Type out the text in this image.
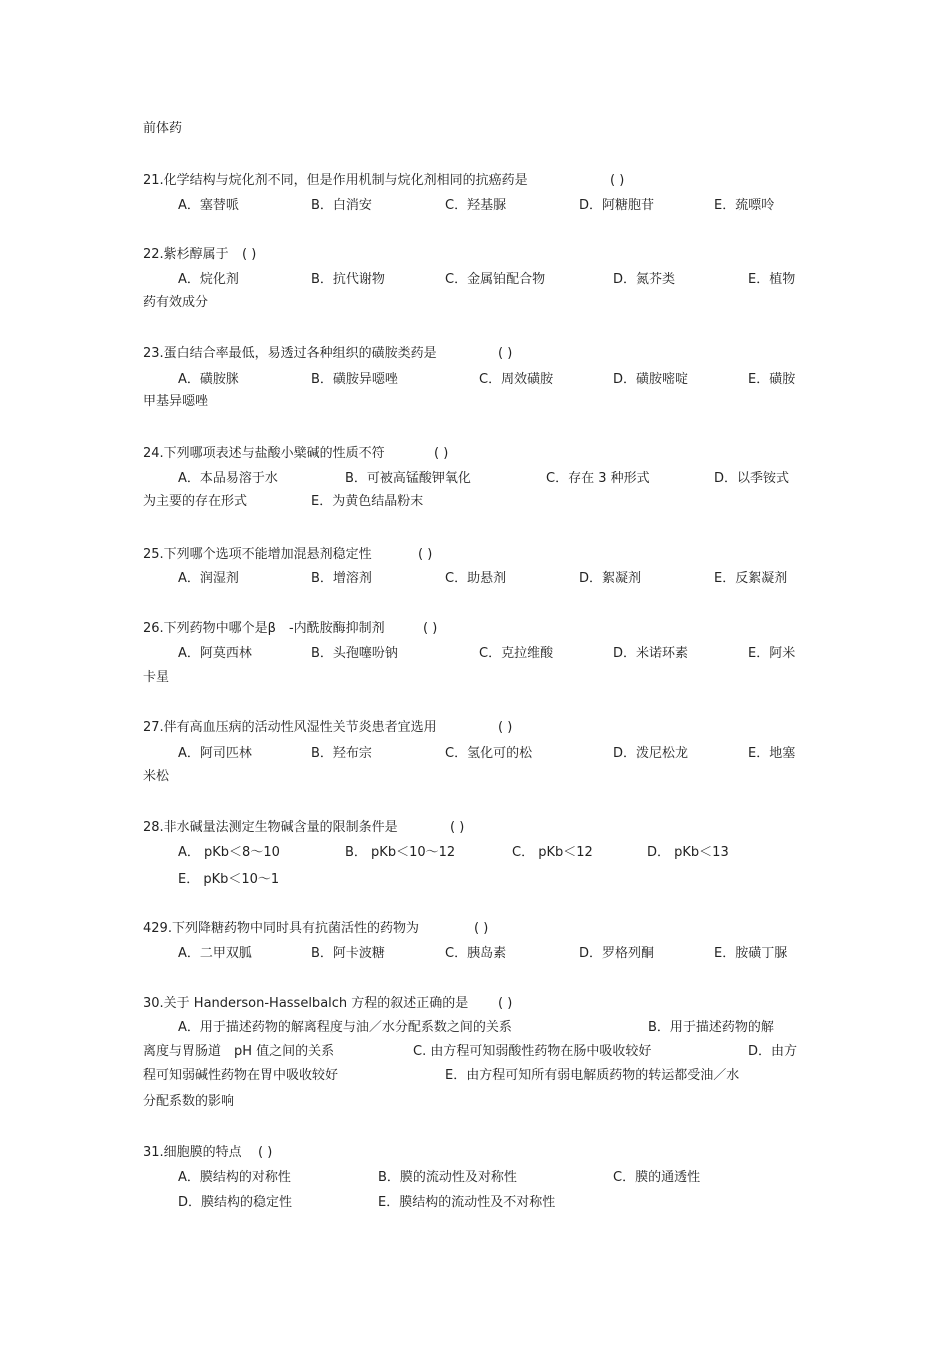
前体药
21.化学结构与烷化剂不同，但是作用机制与烷化剂相同的抗癌药是	( )
A．塞替哌	B．白消安	C．羟基脲	D．阿糖胞苷	E．巯嘌呤
22.紫杉醇属于 ( )
A．烷化剂	B．抗代谢物	C．金属铂配合物	D．氮芥类	E．植物
药有效成分
23.蛋白结合率最低，易透过各种组织的磺胺类药是	( )
A．磺胺脒	B．磺胺异噁唑	C．周效磺胺	D．磺胺嘧啶	E．磺胺
甲基异噁唑
24.下列哪项表述与盐酸小檗碱的性质不符	( )
A．本品易溶于水	B．可被高锰酸钾氧化	C．存在 3 种形式	D．以季铵式
为主要的存在形式	E．为黄色结晶粉末
25.下列哪个选项不能增加混悬剂稳定性	( )
A．润湿剂	B．增溶剂	C．助悬剂	D．絮凝剂	E．反絮凝剂
26.下列药物中哪个是β　-内酰胺酶抑制剂	( )
A．阿莫西林	B．头孢噻吩钠	C．克拉维酸	D．米诺环素	E．阿米
卡星
27.伴有高血压病的活动性风湿性关节炎患者宜选用	( )
A．阿司匹林	B．羟布宗	C．氢化可的松	D．泼尼松龙	E．地塞
米松
28.非水碱量法测定生物碱含量的限制条件是	( )
A． pKb＜8～10	B． pKb＜10～12	C． pKb＜12	D． pKb＜13
E． pKb＜10～1
429.下列降糖药物中同时具有抗菌活性的药物为	( )
A．二甲双胍	B．阿卡波糖	C．胰岛素	D．罗格列酮	E．胺磺丁脲
30.关于 Handerson-Hasselbalch 方程的叙述正确的是 ( )
A．用于描述药物的解离程度与油／水分配系数之间的关系	B．用于描述药物的解
离度与胃肠道　pH 值之间的关系	C. 由方程可知弱酸性药物在肠中吸收较好	D．由方
程可知弱碱性药物在胃中吸收较好	E．由方程可知所有弱电解质药物的转运都受油／水
分配系数的影响
31.细胞膜的特点 ( )
A．膜结构的对称性	B．膜的流动性及对称性	C．膜的通透性
D．膜结构的稳定性	E．膜结构的流动性及不对称性
